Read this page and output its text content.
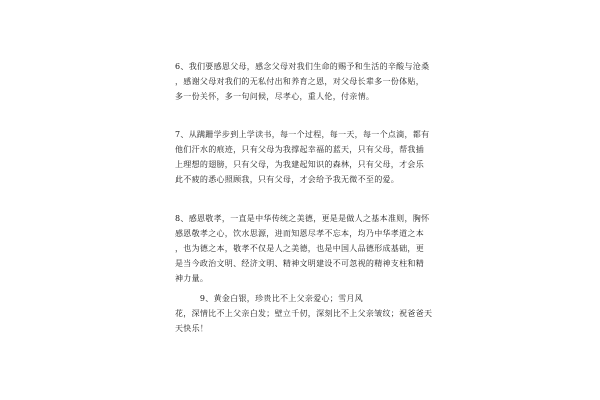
6、我们要感恩父母，感念父母对我们生命的赐予和生活的辛酸与沧桑
，感谢父母对我们的无私付出和养育之恩，对父母长辈多一份体贴，
多一份关怀，多一句问候，尽孝心，重人伦，付亲情。
7、从蹒跚学步到上学读书，每一个过程，每一天，每一个点滴，都有
他们汗水的痕迹，只有父母为我撑起幸福的蓝天，只有父母，帮我插
上理想的翅膀，只有父母，为我建起知识的森林，只有父母，才会乐
此不疲的悉心照顾我，只有父母，才会给予我无微不至的爱。
8、感恩敬孝，一直是中华传统之美德，更是是做人之基本准则，胸怀
感恩敬孝之心，饮水思源，进而知恩尽孝不忘本，均乃中华孝道之本
，也为德之本，敬孝不仅是人之美德，也是中国人品德形成基础，更
是当今政治文明、经济文明、精神文明建设不可忽视的精神支柱和精
神力量。
　　　9、黄金白银，珍贵比不上父亲爱心；雪月风
花，深情比不上父亲白发；壁立千仞，深刻比不上父亲皱纹；祝爸爸天
天快乐！
